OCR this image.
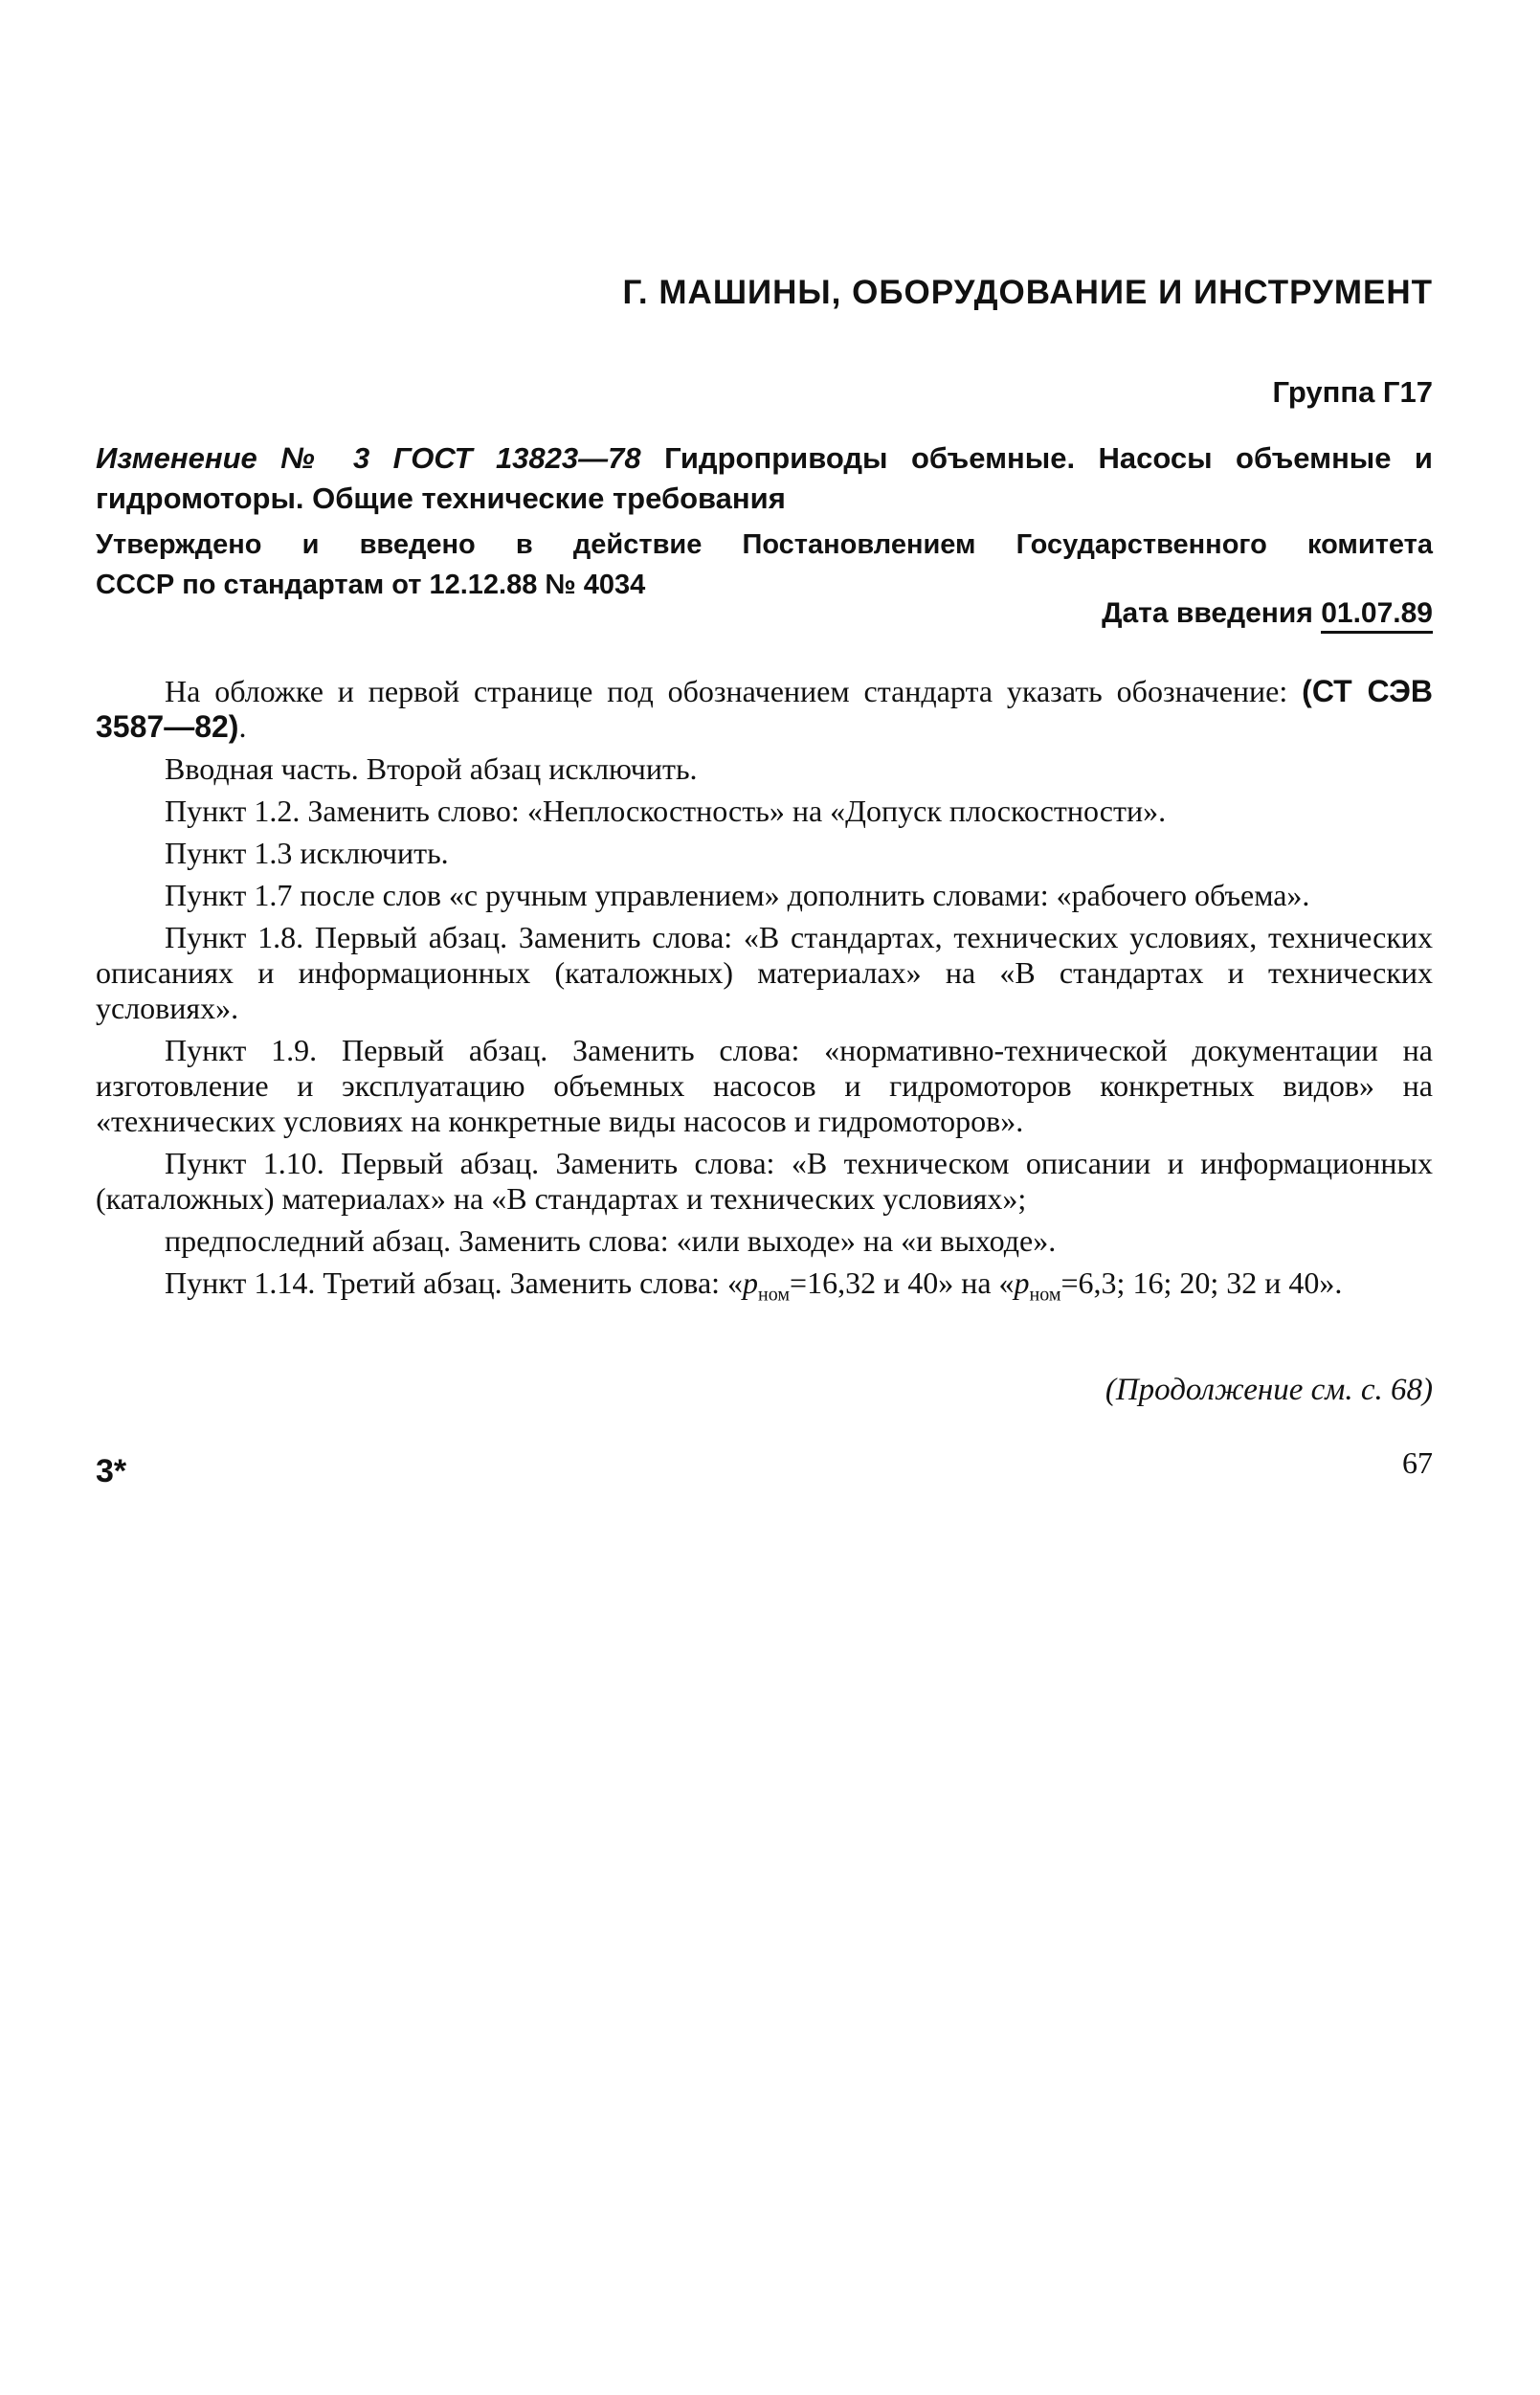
Г. МАШИНЫ, ОБОРУДОВАНИЕ И ИНСТРУМЕНТ
Группа Г17

Изменение № 3 ГОСТ 13823—78 Гидроприводы объемные. Насосы объемные и гидромоторы. Общие технические требования

Утверждено и введено в действие Постановлением Государственного комитета
СССР по стандартам от 12.12.88 № 4034

Дата введения 01.07.89

На обложке и первой странице под обозначением стандарта указать обозначение: (СТ СЭВ 3587—82).

Вводная часть. Второй абзац исключить.

Пункт 1.2. Заменить слово: «Неплоскостность» на «Допуск плоскостности».

Пункт 1.3 исключить.

Пункт 1.7 после слов «с ручным управлением» дополнить словами: «рабочего объема».

Пункт 1.8. Первый абзац. Заменить слова: «В стандартах, технических условиях, технических описаниях и информационных (каталожных) материалах» на «В стандартах и технических условиях».

Пункт 1.9. Первый абзац. Заменить слова: «нормативно-технической документации на изготовление и эксплуатацию объемных насосов и гидромоторов конкретных видов» на «технических условиях на конкретные виды насосов и гидромоторов».

Пункт 1.10. Первый абзац. Заменить слова: «В техническом описании и информационных (каталожных) материалах» на «В стандартах и технических условиях»;

предпоследний абзац. Заменить слова: «или выходе» на «и выходе».

Пункт 1.14. Третий абзац. Заменить слова: «$p_{ном}=16,32$ и 40» на «$p_{ном}=6,3$; 16; 20; 32 и 40».

(Продолжение см. с. 68)
3*	67
